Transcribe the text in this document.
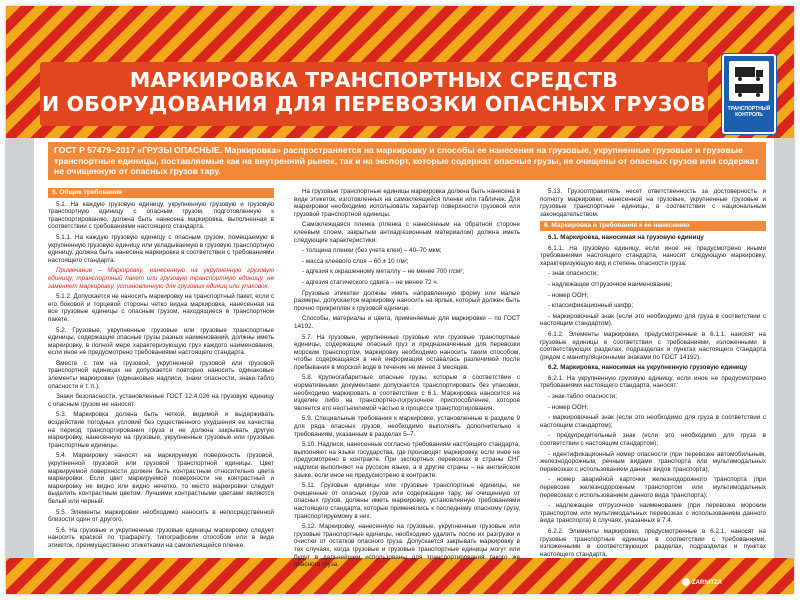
МАРКИРОВКА ТРАНСПОРТНЫХ СРЕДСТВ
И ОБОРУДОВАНИЯ ДЛЯ ПЕРЕВОЗКИ ОПАСНЫХ ГРУЗОВ	ТРАНСПОРТНЫЙ
КОНТРОЛЬ
ГОСТ Р 57479–2017 «ГРУЗЫ ОПАСНЫЕ. Маркировка» распространяется на маркировку и способы ее нанесения на грузовые, укрупненные грузовые и грузовые транспортные единицы, поставляемые как на внутренний рынок, так и на экспорт, которые содержат опасные грузы, не очищены от опасных грузов или содержат не очищенную от опасных грузов тару.
5. Общие требования

5.1. На каждую грузовую единицу, укрупненную грузовую и грузовую транспортную единицу с опасным грузом, подготовленную к транспортированию, должна быть нанесена маркировка, выполненная в соответствии с требованиями настоящего стандарта.

5.1.1. На каждую грузовую единицу с опасным грузом, помещаемую в укрупненную грузовую единицу или укладываемую в грузовую транспортную единицу, должна быть нанесена маркировка в соответствии с требованиями настоящего стандарта.

Примечание – Маркировку, нанесенную на укрупненную грузовую единицу, транспортный пакет или грузовую транспортную единицу, не заменяет маркировку, установленную для грузовых единиц или упаковок.

5.1.2. Допускается не наносить маркировку на транспортный пакет, если с его боковой и торцевой стороны четко видна маркировка, нанесенная на все грузовые единицы с опасным грузом, находящиеся в транспортном пакете.

5.2. Грузовые, укрупненные грузовые или грузовые транспортные единицы, содержащие опасные грузы разных наименований, должны иметь маркировку, в полной мере характеризующую груз каждого наименования, если иное не предусмотрено требованиями настоящего стандарта.

Вместе с тем на грузовой, укрупненной грузовой или грузовой транспортной единицах не допускается повторно наносить одинаковые элементы маркировки (одинаковые надписи, знаки опасности, знаки-табло опасности и т. п.).

Знаки безопасности, установленные ГОСТ 12.4.026 на грузовую единицу с опасным грузом не наносят.

5.3. Маркировка должна быть четкой, видимой и выдерживать воздействие погодных условий без существенного ухудшения ее качества на период транспортирования груза и не должна закрывать другую маркировку, нанесенную на грузовые, укрупненные грузовые или грузовые транспортные единицы.

5.4. Маркировку наносят на маркируемую поверхность грузовой, укрупненной грузовой или грузовой транспортной единицы. Цвет маркируемой поверхности должен быть контрастным относительно цвета маркировки. Если цвет маркируемой поверхности не контрастный и маркировку не видно или видно нечетко, то место маркировки следует выделить контрастным цветом. Лучшими контрастными цветами являются белый или черный.

5.5. Элементы маркировки необходимо наносить в непосредственной близости один от другого.

5.6. На грузовые и укрупненные грузовые единицы маркировку следует наносить краской по трафарету, типографским способом или в виде этикеток, преимущественно этикетками на самоклеящейся пленке.

На грузовые транспортные единицы маркировка должна быть нанесена в виде этикеток, изготовленных на самоклеящейся пленке или табличек. Для маркировки необходимо использовать характер поверхности грузовой или грузовой транспортной единицы.

Самоклеящаяся пленка (пленка с нанесенным на обратной стороне клеевым слоем, закрытым антиадгезионным материалом) должна иметь следующие характеристики:

- толщина пленки (без учета клея) – 40–70 мкм;

- масса клеевого слоя – 60 ± 10 г/м²;

- адгезия к окрашенному металлу – не менее 700 г/см²;

- адгезия статического сдвига – не менее 72 ч.

Грузовые этикетки должны иметь направленную форму или малые размеры, допускается маркировку наносить на ярлык, который должен быть прочно прикреплен к грузовой единице.

Способы, материалы и цвета, применяемые для маркировки – по ГОСТ 14192.

5.7. На грузовые, укрупненные грузовые или грузовые транспортные единицы, содержащие опасный груз и предназначенные для перевозки морским транспортом, маркировку необходимо наносить таким способом, чтобы содержащаяся в ней информация оставалась различимой после пребывания в морской воде в течение не менее 3 месяцев.

5.8. Крупногабаритные опасные грузы, которые в соответствии с нормативными документами допускается транспортировать без упаковки, необходимо маркировать в соответствии с 6.1. Маркировка наносится на изделие либо на транспортно-погрузочное приспособление, которое является его неотъемлемой частью в процессе транспортирования.

5.9. Специальные требования к маркировке, установленные в разделе 9 для ряда опасных грузов, необходимо выполнять дополнительно к требованиям, указанным в разделах 5–7.

5.10. Надписи, нанесенные согласно требованиям настоящего стандарта, выполняют на языке государства, где производят маркировку, если иное не предусмотрено в контракте. При экспортных перевозках в страны СНГ надписи выполняют на русском языке, а в другие страны – на английском языке, если иное не предусмотрено в контракте.

5.11. Грузовые единицы или грузовые транспортные единицы, не очищенные от опасных грузов или содержащие тару, не очищенную от опасных грузов, должны иметь маркировку, установленную требованиями настоящего стандарта, которые применялись к последнему опасному грузу, транспортируемому в них.

5.12. Маркировку, нанесенную на грузовые, укрупненные грузовые или грузовые транспортные единицы, необходимо удалить после их разгрузки и очистки от остатков опасного груза. Допускается закрывать маркировку в тех случаях, когда грузовые и грузовые транспортные единицы могут или будут в дальнейшем использованы для транспортирования такого же опасного груза.

5.13. Грузоотправитель несет ответственность за достоверность и полноту маркировки, нанесенной на грузовые, укрупненные грузовые и грузовые транспортные единицы, в соответствии с национальным законодательством.

6. Маркировка и требования к ее нанесению

6.1. Маркировка, наносимая на грузовую единицу

6.1.1. На грузовую единицу, если иное не предусмотрено иными требованиями настоящего стандарта, наносят следующую маркировку, характеризующую вид и степень опасности груза:

- знак опасности;

- надлежащее отгрузочное наименование;

- номер ООН;

- классификационный шифр;

- маркировочный знак (если это необходимо для груза в соответствии с настоящим стандартом).

6.1.2. Элементы маркировки, предусмотренные в 6.1.1, наносят на грузовые единицы в соответствии с требованиями, изложенными в соответствующих разделах, подразделах и пунктах настоящего стандарта (рядом с манипуляционными знаками по ГОСТ 14192).

6.2. Маркировка, наносимая на укрупненную грузовую единицу

6.2.1. На укрупненную грузовую единицу, если иное не предусмотрено требованиями настоящего стандарта, наносят:

- знак-табло опасности;

- номер ООН;

- маркировочный знак (если это необходимо для груза в соответствии с настоящим стандартом);

- предупредительный знак (если это необходимо для груза в соответствии с настоящим стандартом);

- идентификационный номер опасности (при перевозке автомобильным, железнодорожным, речным видами транспорта или мультимодальных перевозках с использованием данных видов транспорта);

- номер аварийной карточки железнодорожного транспорта (при перевозке железнодорожным транспортом или мультимодальных перевозках с использованием данного вида транспорта);

- надлежащее отгрузочное наименование (при перевозке морским транспортом или мультимодальных перевозках с использованием данного вида транспорта) в случаях, указанных в 7.4.

6.2.2. Элементы маркировки, предусмотренные в 6.2.1, наносят на грузовые транспортные единицы в соответствии с требованиями, изложенными в соответствующих разделах, подразделах и пунктах настоящего стандарта.

ZARNITZA
